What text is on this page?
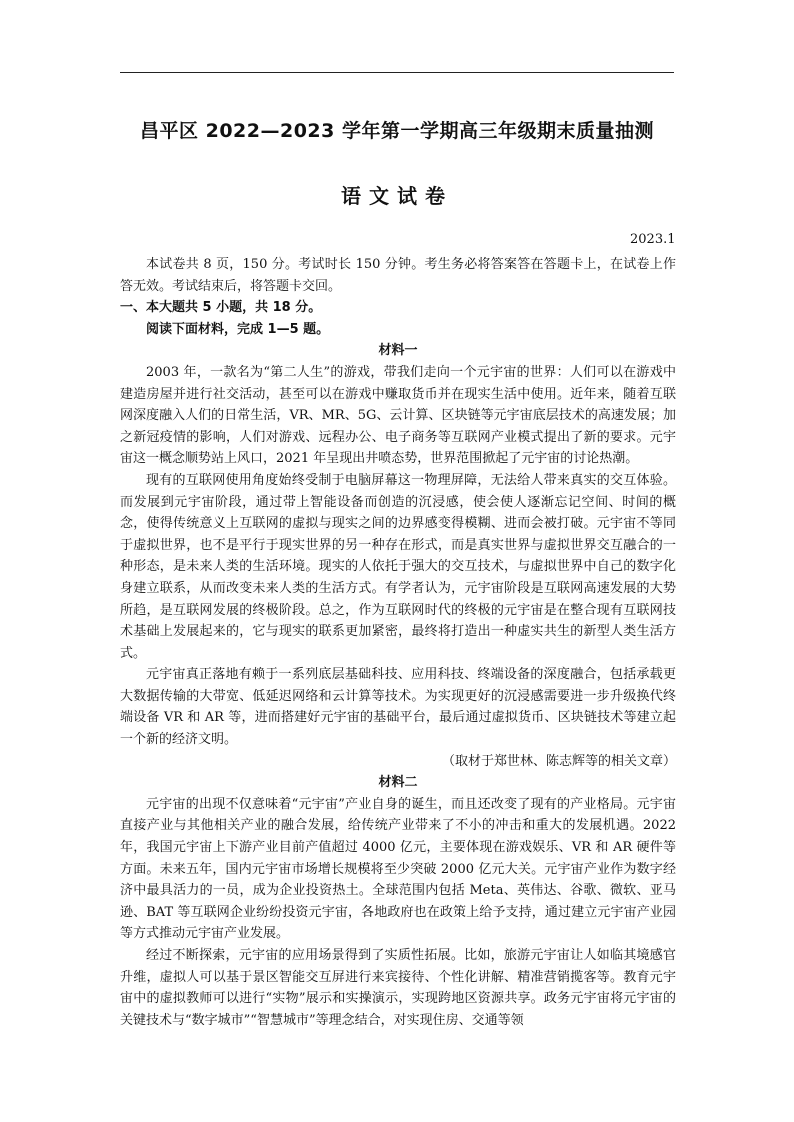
昌平区 2022—2023 学年第一学期高三年级期末质量抽测
语文试卷
2023.1

本试卷共 8 页，150 分。考试时长 150 分钟。考生务必将答案答在答题卡上，在试卷上作答无效。考试结束后，将答题卡交回。

一、本大题共 5 小题，共 18 分。

阅读下面材料，完成 1—5 题。

材料一

2003 年，一款名为“第二人生”的游戏，带我们走向一个元宇宙的世界：人们可以在游戏中建造房屋并进行社交活动，甚至可以在游戏中赚取货币并在现实生活中使用。近年来，随着互联网深度融入人们的日常生活，VR、MR、5G、云计算、区块链等元宇宙底层技术的高速发展；加之新冠疫情的影响，人们对游戏、远程办公、电子商务等互联网产业模式提出了新的要求。元宇宙这一概念顺势站上风口，2021 年呈现出井喷态势，世界范围掀起了元宇宙的讨论热潮。

现有的互联网使用角度始终受制于电脑屏幕这一物理屏障，无法给人带来真实的交互体验。而发展到元宇宙阶段，通过带上智能设备而创造的沉浸感，使会使人逐渐忘记空间、时间的概念，使得传统意义上互联网的虚拟与现实之间的边界感变得模糊、进而会被打破。元宇宙不等同于虚拟世界，也不是平行于现实世界的另一种存在形式，而是真实世界与虚拟世界交互融合的一种形态，是未来人类的生活环境。现实的人依托于强大的交互技术，与虚拟世界中自己的数字化身建立联系，从而改变未来人类的生活方式。有学者认为，元宇宙阶段是互联网高速发展的大势所趋，是互联网发展的终极阶段。总之，作为互联网时代的终极的元宇宙是在整合现有互联网技术基础上发展起来的，它与现实的联系更加紧密，最终将打造出一种虚实共生的新型人类生活方式。

元宇宙真正落地有赖于一系列底层基础科技、应用科技、终端设备的深度融合，包括承载更大数据传输的大带宽、低延迟网络和云计算等技术。为实现更好的沉浸感需要进一步升级换代终端设备 VR 和 AR 等，进而搭建好元宇宙的基础平台，最后通过虚拟货币、区块链技术等建立起一个新的经济文明。

（取材于郑世林、陈志辉等的相关文章）

材料二

元宇宙的出现不仅意味着“元宇宙”产业自身的诞生，而且还改变了现有的产业格局。元宇宙直接产业与其他相关产业的融合发展，给传统产业带来了不小的冲击和重大的发展机遇。2022 年，我国元宇宙上下游产业目前产值超过 4000 亿元，主要体现在游戏娱乐、VR 和 AR 硬件等方面。未来五年，国内元宇宙市场增长规模将至少突破 2000 亿元大关。元宇宙产业作为数字经济中最具活力的一员，成为企业投资热土。全球范围内包括 Meta、英伟达、谷歌、微软、亚马逊、BAT 等互联网企业纷纷投资元宇宙，各地政府也在政策上给予支持，通过建立元宇宙产业园等方式推动元宇宙产业发展。

经过不断探索，元宇宙的应用场景得到了实质性拓展。比如，旅游元宇宙让人如临其境感官升维，虚拟人可以基于景区智能交互屏进行来宾接待、个性化讲解、精准营销揽客等。教育元宇宙中的虚拟教师可以进行“实物”展示和实操演示，实现跨地区资源共享。政务元宇宙将元宇宙的关键技术与“数字城市”“智慧城市”等理念结合，对实现住房、交通等领
